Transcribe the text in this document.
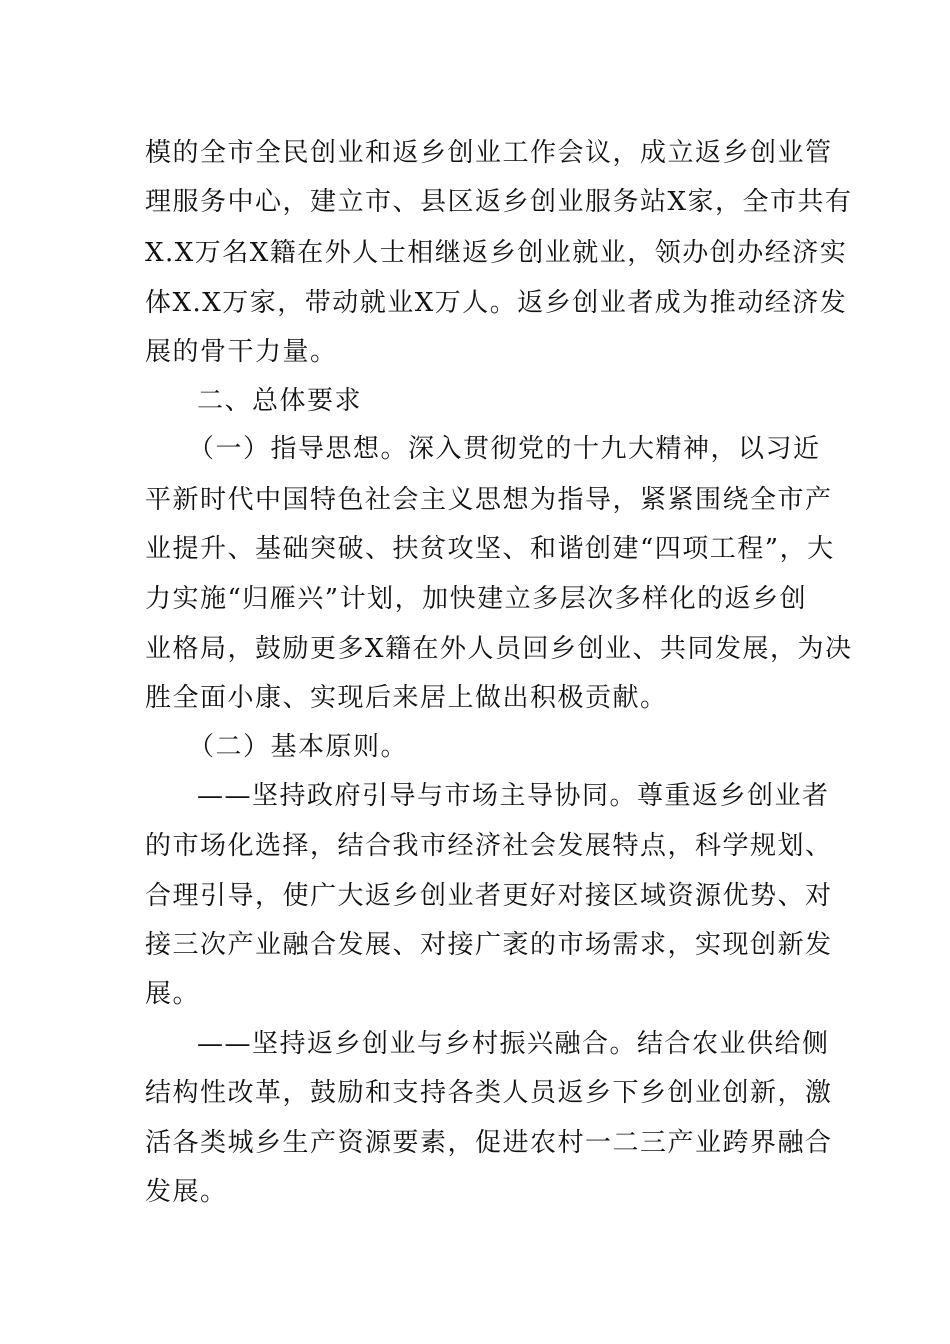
模的全市全民创业和返乡创业工作会议，成立返乡创业管
理服务中心，建立市、县区返乡创业服务站X家，全市共有
X.X万名X籍在外人士相继返乡创业就业，领办创办经济实
体X.X万家，带动就业X万人。返乡创业者成为推动经济发
展的骨干力量。
二、总体要求
（一）指导思想。深入贯彻党的十九大精神，以习近
平新时代中国特色社会主义思想为指导，紧紧围绕全市产
业提升、基础突破、扶贫攻坚、和谐创建“四项工程”，大
力实施“归雁兴”计划，加快建立多层次多样化的返乡创
业格局，鼓励更多X籍在外人员回乡创业、共同发展，为决
胜全面小康、实现后来居上做出积极贡献。
（二）基本原则。
——坚持政府引导与市场主导协同。尊重返乡创业者
的市场化选择，结合我市经济社会发展特点，科学规划、
合理引导，使广大返乡创业者更好对接区域资源优势、对
接三次产业融合发展、对接广袤的市场需求，实现创新发
展。
——坚持返乡创业与乡村振兴融合。结合农业供给侧
结构性改革，鼓励和支持各类人员返乡下乡创业创新，激
活各类城乡生产资源要素，促进农村一二三产业跨界融合
发展。
